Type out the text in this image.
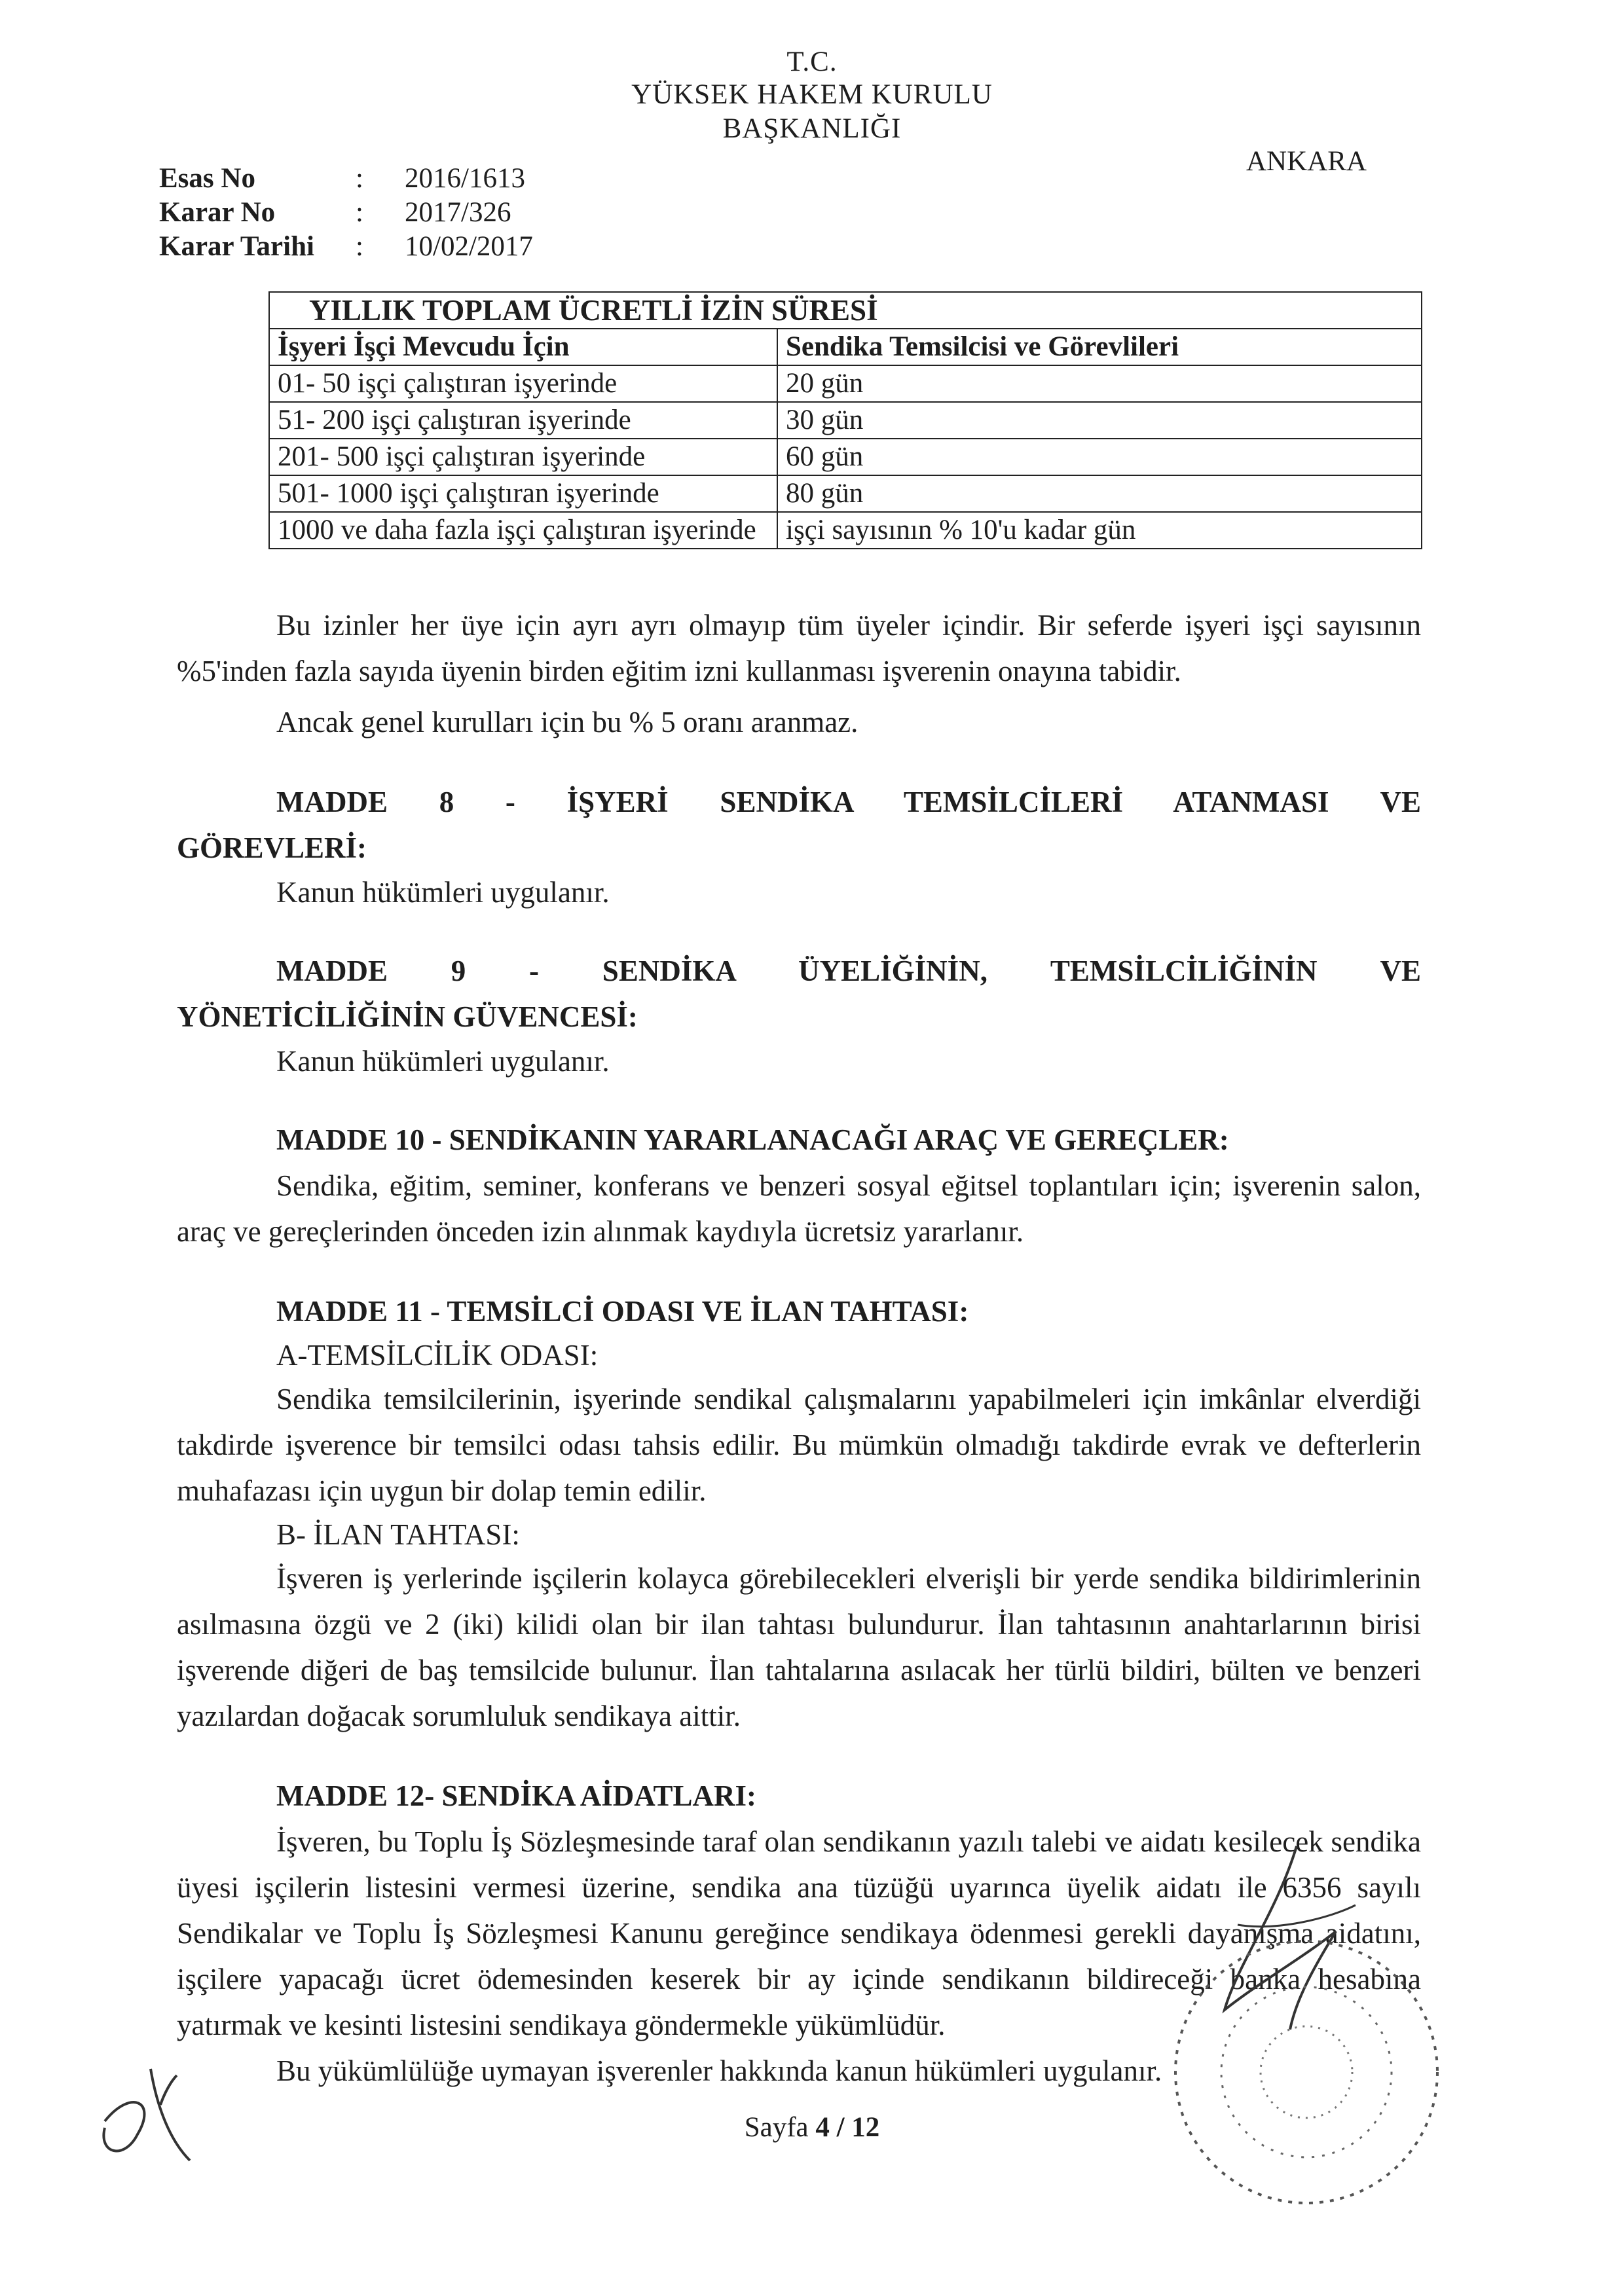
T.C.
YÜKSEK HAKEM KURULU
BAŞKANLIĞI
ANKARA
Esas No	: 2016/1613
Karar No	: 2017/326
Karar Tarihi : 10/02/2017
YILLIK TOPLAM ÜCRETLİ İZİN SÜRESİ	
İşyeri İşçi Mevcudu İçin	Sendika Temsilcisi ve Görevlileri
01- 50 işçi çalıştıran işyerinde	20 gün
51- 200 işçi çalıştıran işyerinde	30 gün
201- 500 işçi çalıştıran işyerinde	60 gün
501- 1000 işçi çalıştıran işyerinde	80 gün
1000 ve daha fazla işçi çalıştıran işyerinde	işçi sayısının % 10'u kadar gün
Bu izinler her üye için ayrı ayrı olmayıp tüm üyeler içindir. Bir seferde işyeri işçi sayısının %5'inden fazla sayıda üyenin birden eğitim izni kullanması işverenin onayına tabidir.
Ancak genel kurulları için bu % 5 oranı aranmaz.
MADDE 8 - İŞYERİ SENDİKA TEMSİLCİLERİ ATANMASI VE
GÖREVLERİ:
Kanun hükümleri uygulanır.
MADDE 9 - SENDİKA ÜYELİĞİNİN, TEMSİLCİLİĞİNİN VE
YÖNETİCİLİĞİNİN GÜVENCESİ:
Kanun hükümleri uygulanır.
MADDE 10 - SENDİKANIN YARARLANACAĞI ARAÇ VE GEREÇLER:
Sendika, eğitim, seminer, konferans ve benzeri sosyal eğitsel toplantıları için; işverenin salon, araç ve gereçlerinden önceden izin alınmak kaydıyla ücretsiz yararlanır.
MADDE 11 - TEMSİLCİ ODASI VE İLAN TAHTASI:
A-TEMSİLCİLİK ODASI:
Sendika temsilcilerinin, işyerinde sendikal çalışmalarını yapabilmeleri için imkânlar elverdiği takdirde işverence bir temsilci odası tahsis edilir. Bu mümkün olmadığı takdirde evrak ve defterlerin muhafazası için uygun bir dolap temin edilir.
B- İLAN TAHTASI:
İşveren iş yerlerinde işçilerin kolayca görebilecekleri elverişli bir yerde sendika bildirimlerinin asılmasına özgü ve 2 (iki) kilidi olan bir ilan tahtası bulundurur. İlan tahtasının anahtarlarının birisi işverende diğeri de baş temsilcide bulunur. İlan tahtalarına asılacak her türlü bildiri, bülten ve benzeri yazılardan doğacak sorumluluk sendikaya aittir.
MADDE 12- SENDİKA AİDATLARI:
İşveren, bu Toplu İş Sözleşmesinde taraf olan sendikanın yazılı talebi ve aidatı kesilecek sendika üyesi işçilerin listesini vermesi üzerine, sendika ana tüzüğü uyarınca üyelik aidatı ile 6356 sayılı Sendikalar ve Toplu İş Sözleşmesi Kanunu gereğince sendikaya ödenmesi gerekli dayanışma aidatını, işçilere yapacağı ücret ödemesinden keserek bir ay içinde sendikanın bildireceği banka hesabına yatırmak ve kesinti listesini sendikaya göndermekle yükümlüdür.
Bu yükümlülüğe uymayan işverenler hakkında kanun hükümleri uygulanır.
Sayfa 4 / 12
